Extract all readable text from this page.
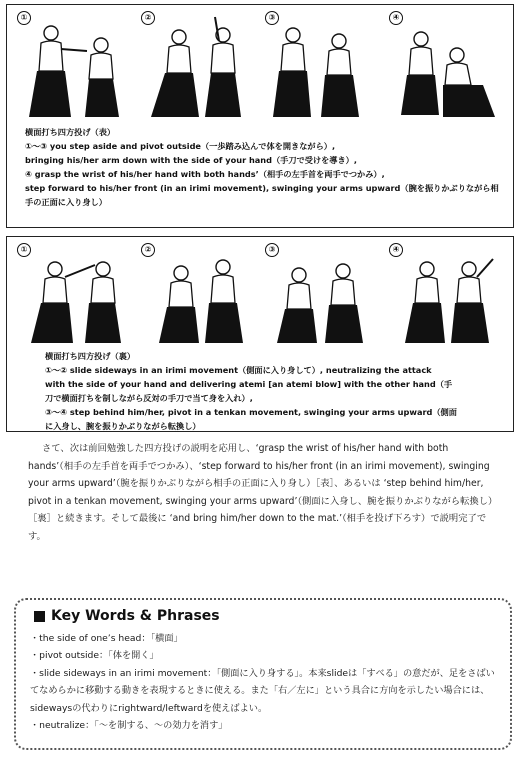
①	②	③	④
横面打ち四方投げ（表）
①～③ you step aside and pivot outside（一歩踏み込んで体を開きながら）,
bringing his/her arm down with the side of your hand（手刀で受けを導き）,
④ grasp the wrist of his/her hand with both hands’（相手の左手首を両手でつかみ）,
step forward to his/her front (in an irimi movement), swinging your arms upward（腕を振りかぶりながら相手の正面に入り身し）
①	②	③	④
横面打ち四方投げ（裏）
①～② slide sideways in an irimi movement（側面に入り身して）, neutralizing the attack
with the side of your hand and delivering atemi [an atemi blow] with the other hand（手
刀で横面打ちを制しながら反対の手刀で当て身を入れ）,
③～④ step behind him/her, pivot in a tenkan movement, swinging your arms upward（側面
に入身し、腕を振りかぶりながら転換し）

さて、次は前回勉強した四方投げの説明を応用し、‘grasp the wrist of his/her hand with both hands’（相手の左手首を両手でつかみ）、‘step forward to his/her front (in an irimi movement), swinging your arms upward’（腕を振りかぶりながら相手の正面に入り身し）［表］、あるいは ‘step behind him/her, pivot in a tenkan movement, swinging your arms upward’（側面に入身し、腕を振りかぶりながら転換し）［裏］と続きます。そして最後に ‘and bring him/her down to the mat.’（相手を投げ下ろす）で説明完了です。

Key Words & Phrases
・the side of one’s head：「横面」
・pivot outside：「体を開く」
・slide sideways in an irimi movement：「側面に入り身する」。本来slideは「すべる」の意だが、足をさばいてなめらかに移動する動きを表現するときに使える。また「右／左に」という具合に方向を示したい場合には、sidewaysの代わりにrightward/leftwardを使えばよい。
・neutralize：「～を制する、～の効力を消す」
